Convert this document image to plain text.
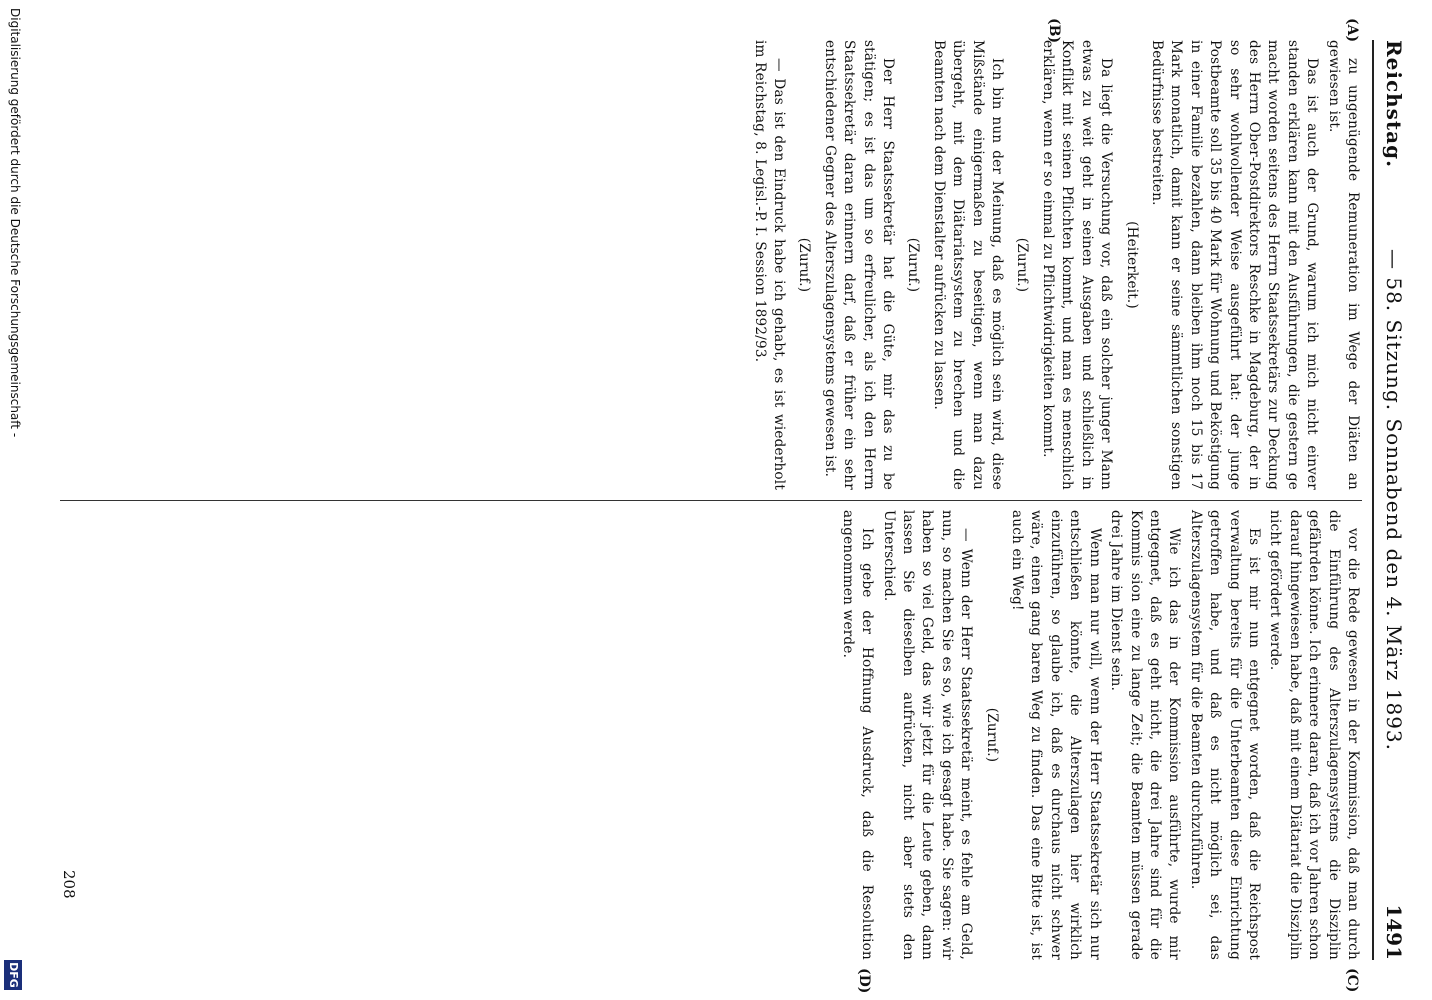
Reichstag.
— 58. Sitzung. Sonnabend den 4. März 1893.
1491
(A)
(B)
(C)
(D)

zu ungenügende Remuneration im Wege der Diäten an gewiesen ist.

Das ist auch der Grund, warum ich mich nicht einver standen erklären kann mit den Ausführungen, die gestern ge macht worden seitens des Herrn Staatssekretärs zur Deckung des Herrn Ober-Postdirektors Reschke in Magdeburg, der in so sehr wohlwollender Weise ausgeführt hat: der junge Postbeamte soll 35 bis 40 Mark für Wohnung und Beköstigung in einer Familie bezahlen, dann bleiben ihm noch 15 bis 17 Mark monatlich, damit kann er seine sämmtlichen sonstigen Bedürfnisse bestreiten.

(Heiterkeit.)

Da liegt die Versuchung vor, daß ein solcher junger Mann etwas zu weit geht in seinen Ausgaben und schließlich in Konflikt mit seinen Pflichten kommt, und man es menschlich erklären, wenn er so einmal zu Pflichtwidrigkeiten kommt.

(Zuruf.)

Ich bin nun der Meinung, daß es möglich sein wird, diese Mißstände einigermaßen zu beseitigen, wenn man dazu übergeht, mit dem Diätariatssystem zu brechen und die Beamten nach dem Dienstalter aufrücken zu lassen.

(Zuruf.)

Der Herr Staatssekretär hat die Güte, mir das zu be stätigen; es ist das um so erfreulicher, als ich den Herrn Staatssekretär daran erinnern darf, daß er früher ein sehr entschiedener Gegner des Alterszulagensystems gewesen ist.

(Zuruf.)

— Das ist den Eindruck habe ich gehabt, es ist wiederholt im Reichstag, 8. Legisl.-P. I. Session 1892/93.

vor die Rede gewesen in der Kommission, daß man durch die Einführung des Alterszulagensystems die Disziplin gefährden könne. Ich erinnere daran, daß ich vor Jahren schon darauf hingewiesen habe, daß mit einem Diätariat die Disziplin nicht gefördert werde.

Es ist mir nun entgegnet worden, daß die Reichspost verwaltung bereits für die Unterbeamten diese Einrichtung getroffen habe, und daß es nicht möglich sei, das Alterszulagensystem für die Beamten durchzuführen.

Wie ich das in der Kommission ausführte, wurde mir entgegnet, daß es geht nicht, die drei Jahre sind für die Kommis sion eine zu lange Zeit; die Beamten müssen gerade drei Jahre im Dienst sein.

Wenn man nur will, wenn der Herr Staatssekretär sich nur entschließen könnte, die Alterszulagen hier wirklich einzuführen, so glaube ich, daß es durchaus nicht schwer wäre, einen gang baren Weg zu finden. Das eine Bitte ist, ist auch ein Weg!

(Zuruf.)

— Wenn der Herr Staatssekretär meint, es fehle am Geld, nun, so machen Sie es so, wie ich gesagt habe. Sie sagen: wir haben so viel Geld, das wir jetzt für die Leute geben, dann lassen Sie dieselben aufrücken, nicht aber stets den Unterschied.

Ich gebe der Hoffnung Ausdruck, daß die Resolution angenommen werde.

208
Digitalisierung gefördert durch die Deutsche Forschungsgemeinschaft -
DFG
